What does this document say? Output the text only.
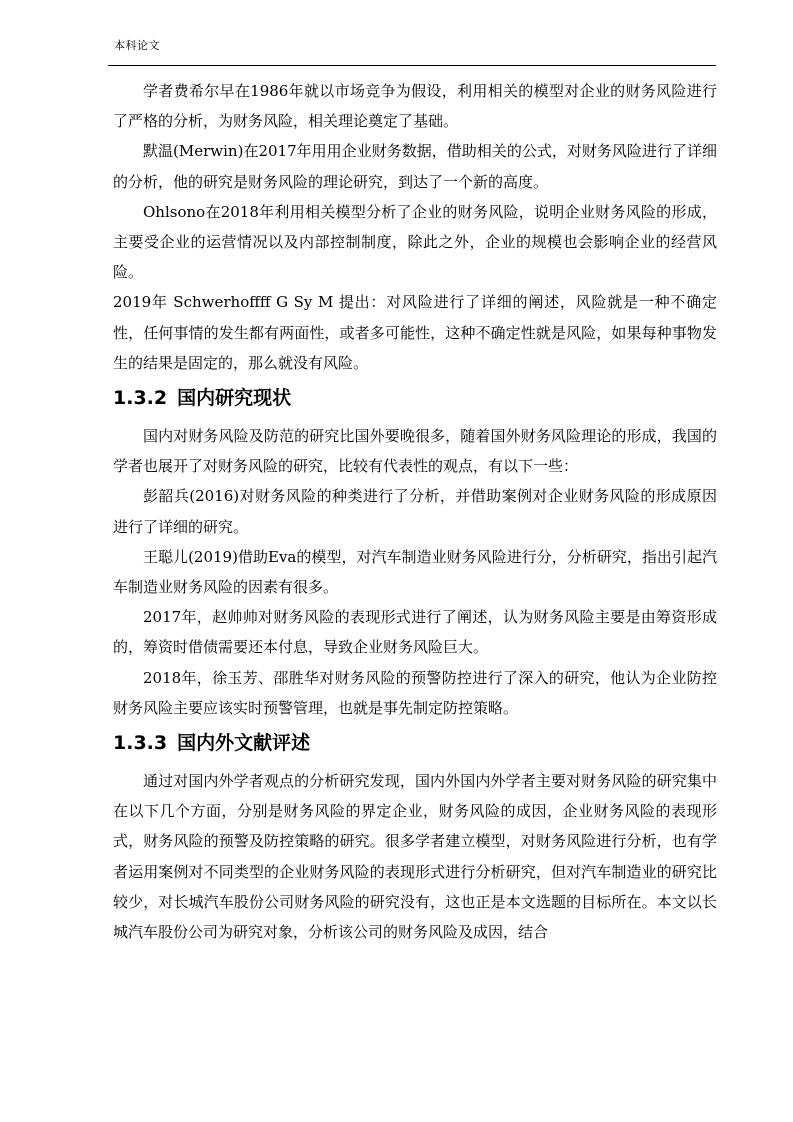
本科论文

学者费希尔早在1986年就以市场竞争为假设，利用相关的模型对企业的财务风险进行了严格的分析，为财务风险，相关理论奠定了基础。

默温(Merwin)在2017年用用企业财务数据，借助相关的公式，对财务风险进行了详细的分析，他的研究是财务风险的理论研究，到达了一个新的高度。

Ohlsono在2018年利用相关模型分析了企业的财务风险，说明企业财务风险的形成，主要受企业的运营情况以及内部控制制度，除此之外，企业的规模也会影响企业的经营风险。

2019年 Schwerhoffff G Sy M 提出：对风险进行了详细的阐述，风险就是一种不确定性，任何事情的发生都有两面性，或者多可能性，这种不确定性就是风险，如果每种事物发生的结果是固定的，那么就没有风险。

1.3.2 国内研究现状

国内对财务风险及防范的研究比国外要晚很多，随着国外财务风险理论的形成，我国的学者也展开了对财务风险的研究，比较有代表性的观点，有以下一些：

彭韶兵(2016)对财务风险的种类进行了分析，并借助案例对企业财务风险的形成原因进行了详细的研究。

王聪儿(2019)借助Eva的模型，对汽车制造业财务风险进行分，分析研究，指出引起汽车制造业财务风险的因素有很多。

2017年，赵帅帅对财务风险的表现形式进行了阐述，认为财务风险主要是由筹资形成的，筹资时借债需要还本付息，导致企业财务风险巨大。

2018年，徐玉芳、邵胜华对财务风险的预警防控进行了深入的研究，他认为企业防控财务风险主要应该实时预警管理，也就是事先制定防控策略。

1.3.3 国内外文献评述

通过对国内外学者观点的分析研究发现，国内外国内外学者主要对财务风险的研究集中在以下几个方面，分别是财务风险的界定企业，财务风险的成因，企业财务风险的表现形式，财务风险的预警及防控策略的研究。很多学者建立模型，对财务风险进行分析，也有学者运用案例对不同类型的企业财务风险的表现形式进行分析研究，但对汽车制造业的研究比较少，对长城汽车股份公司财务风险的研究没有，这也正是本文选题的目标所在。本文以长城汽车股份公司为研究对象，分析该公司的财务风险及成因，结合
